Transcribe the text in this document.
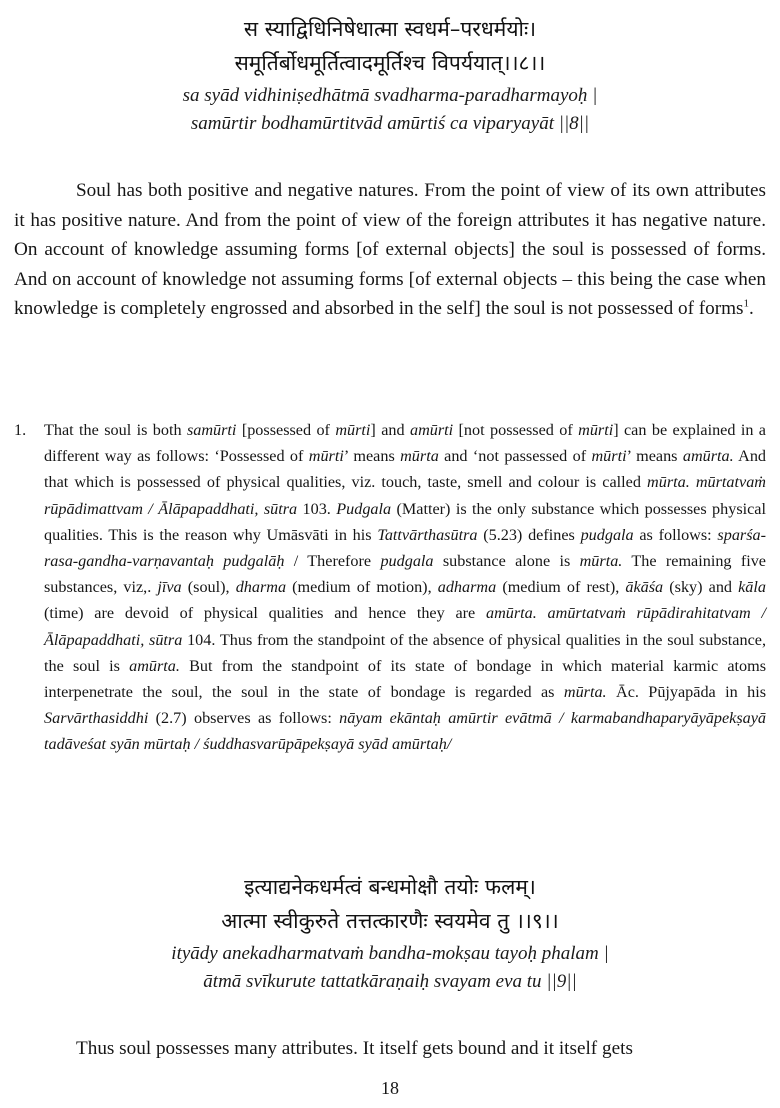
स स्याद्विधिनिषेधात्मा स्वधर्म–परधर्मयोः।
समूर्तिर्बोधमूर्तित्वादमूर्तिश्च विपर्ययात्।।८।।
sa syād vidhiniṣedhātmā svadharma-paradharmayoḥ |
samūrtir bodhamūrtitvād amūrtiś ca viparyayāt ||8||

Soul has both positive and negative natures. From the point of view of its own attributes it has positive nature. And from the point of view of the foreign attributes it has negative nature. On account of knowledge assuming forms [of external objects] the soul is possessed of forms. And on account of knowledge not assuming forms [of external objects – this being the case when knowledge is completely engrossed and absorbed in the self] the soul is not possessed of forms$^1$.

1.	That the soul is both samūrti [possessed of mūrti] and amūrti [not possessed of mūrti] can be explained in a different way as follows: ‘Possessed of mūrti’ means mūrta and ‘not passessed of mūrti’ means amūrta. And that which is possessed of physical qualities, viz. touch, taste, smell and colour is called mūrta. mūrtatvaṁ rūpādimattvam / Ālāpapaddhati, sūtra 103. Pudgala (Matter) is the only substance which possesses physical qualities. This is the reason why Umāsvāti in his Tattvārthasūtra (5.23) defines pudgala as follows: sparśa-rasa-gandha-varṇavantaḥ pudgalāḥ / Therefore pudgala substance alone is mūrta. The remaining five substances, viz,. jīva (soul), dharma (medium of motion), adharma (medium of rest), ākāśa (sky) and kāla (time) are devoid of physical qualities and hence they are amūrta. amūrtatvaṁ rūpādirahitatvam / Ālāpapaddhati, sūtra 104. Thus from the standpoint of the absence of physical qualities in the soul substance, the soul is amūrta. But from the standpoint of its state of bondage in which material karmic atoms interpenetrate the soul, the soul in the state of bondage is regarded as mūrta. Āc. Pūjyapāda in his Sarvārthasiddhi (2.7) observes as follows: nāyam ekāntaḥ amūrtir evātmā / karmabandhaparyāyāpekṣayā tadāveśat syān mūrtaḥ / śuddhasvarūpāpekṣayā syād amūrtaḥ/
इत्याद्यनेकधर्मत्वं बन्धमोक्षौ तयोः फलम्।
आत्मा स्वीकुरुते तत्तत्कारणैः स्वयमेव तु ।।९।।
ityādy anekadharmatvaṁ bandha-mokṣau tayoḥ phalam |
ātmā svīkurute tattatkāraṇaiḥ svayam eva tu ||9||

Thus soul possesses many attributes. It itself gets bound and it itself gets

18
